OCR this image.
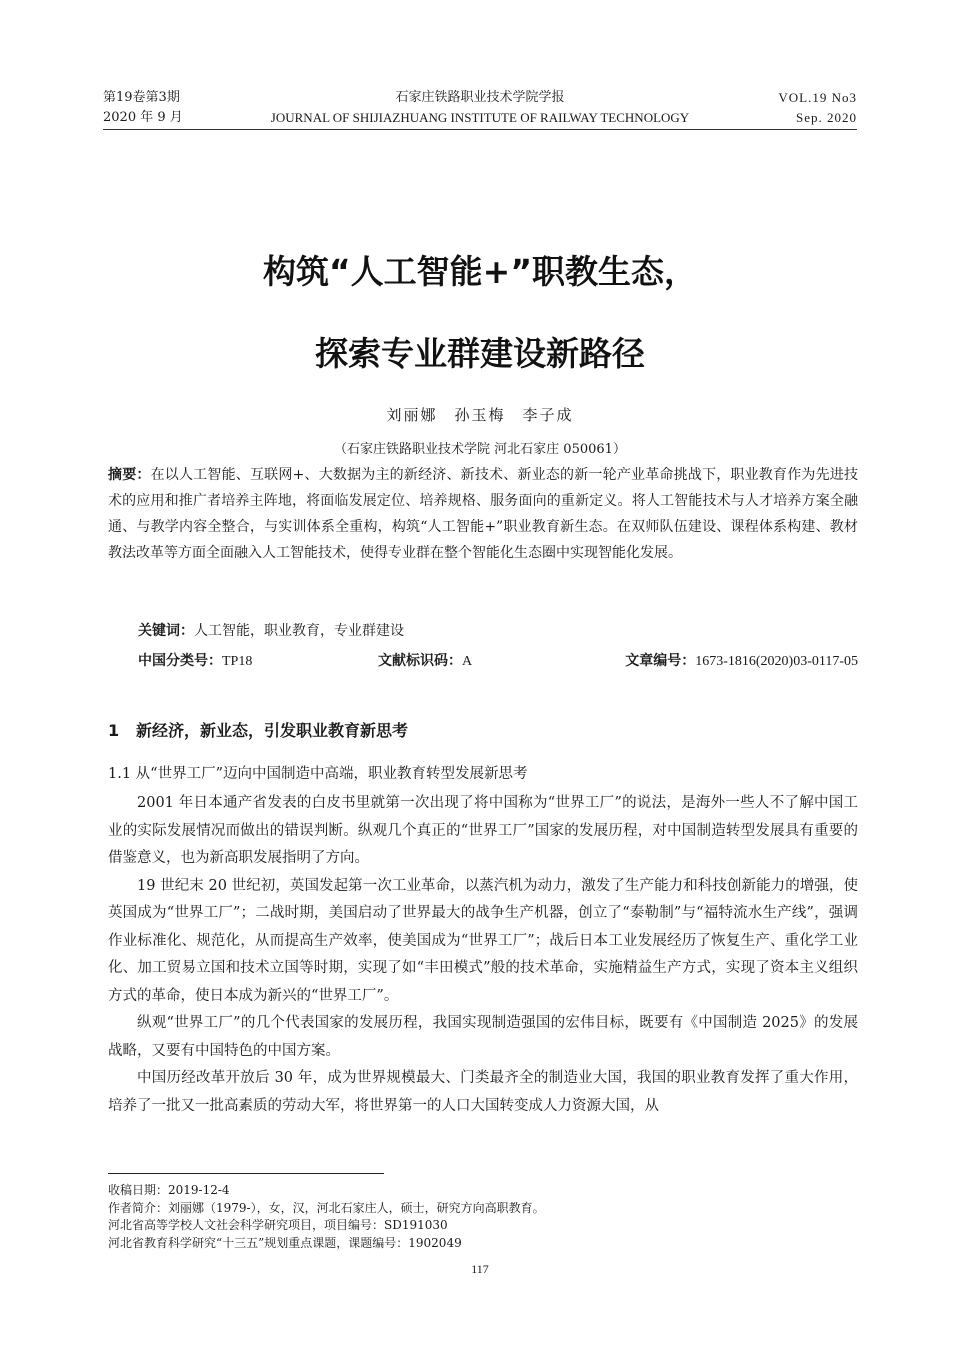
第19卷第3期
2020 年 9 月
石家庄铁路职业技术学院学报
JOURNAL OF SHIJIAZHUANG INSTITUTE OF RAILWAY TECHNOLOGY
VOL.19 No3
Sep. 2020
构筑“人工智能+”职教生态，
探索专业群建设新路径
刘丽娜　孙玉梅　李子成
（石家庄铁路职业技术学院 河北石家庄 050061）
摘要：在以人工智能、互联网+、大数据为主的新经济、新技术、新业态的新一轮产业革命挑战下，职业教育作为先进技术的应用和推广者培养主阵地，将面临发展定位、培养规格、服务面向的重新定义。将人工智能技术与人才培养方案全融通、与教学内容全整合，与实训体系全重构，构筑“人工智能+”职业教育新生态。在双师队伍建设、课程体系构建、教材教法改革等方面全面融入人工智能技术，使得专业群在整个智能化生态圈中实现智能化发展。
关键词：人工智能，职业教育，专业群建设
中国分类号：TP18	文献标识码：A	文章编号：1673-1816(2020)03-0117-05
1 新经济，新业态，引发职业教育新思考
1.1 从“世界工厂”迈向中国制造中高端，职业教育转型发展新思考

2001 年日本通产省发表的白皮书里就第一次出现了将中国称为“世界工厂”的说法，是海外一些人不了解中国工业的实际发展情况而做出的错误判断。纵观几个真正的“世界工厂”国家的发展历程，对中国制造转型发展具有重要的借鉴意义，也为新高职发展指明了方向。

19 世纪末 20 世纪初，英国发起第一次工业革命，以蒸汽机为动力，激发了生产能力和科技创新能力的增强，使英国成为“世界工厂”；二战时期，美国启动了世界最大的战争生产机器，创立了“泰勒制”与“福特流水生产线”，强调作业标准化、规范化，从而提高生产效率，使美国成为“世界工厂”；战后日本工业发展经历了恢复生产、重化学工业化、加工贸易立国和技术立国等时期，实现了如“丰田模式”般的技术革命，实施精益生产方式，实现了资本主义组织方式的革命，使日本成为新兴的“世界工厂”。

纵观“世界工厂”的几个代表国家的发展历程，我国实现制造强国的宏伟目标，既要有《中国制造 2025》的发展战略，又要有中国特色的中国方案。

中国历经改革开放后 30 年，成为世界规模最大、门类最齐全的制造业大国，我国的职业教育发挥了重大作用，培养了一批又一批高素质的劳动大军，将世界第一的人口大国转变成人力资源大国，从

收稿日期：2019-12-4
作者简介：刘丽娜（1979-），女，汉，河北石家庄人，硕士，研究方向高职教育。
河北省高等学校人文社会科学研究项目，项目编号：SD191030
河北省教育科学研究“十三五”规划重点课题，课题编号：1902049
117
